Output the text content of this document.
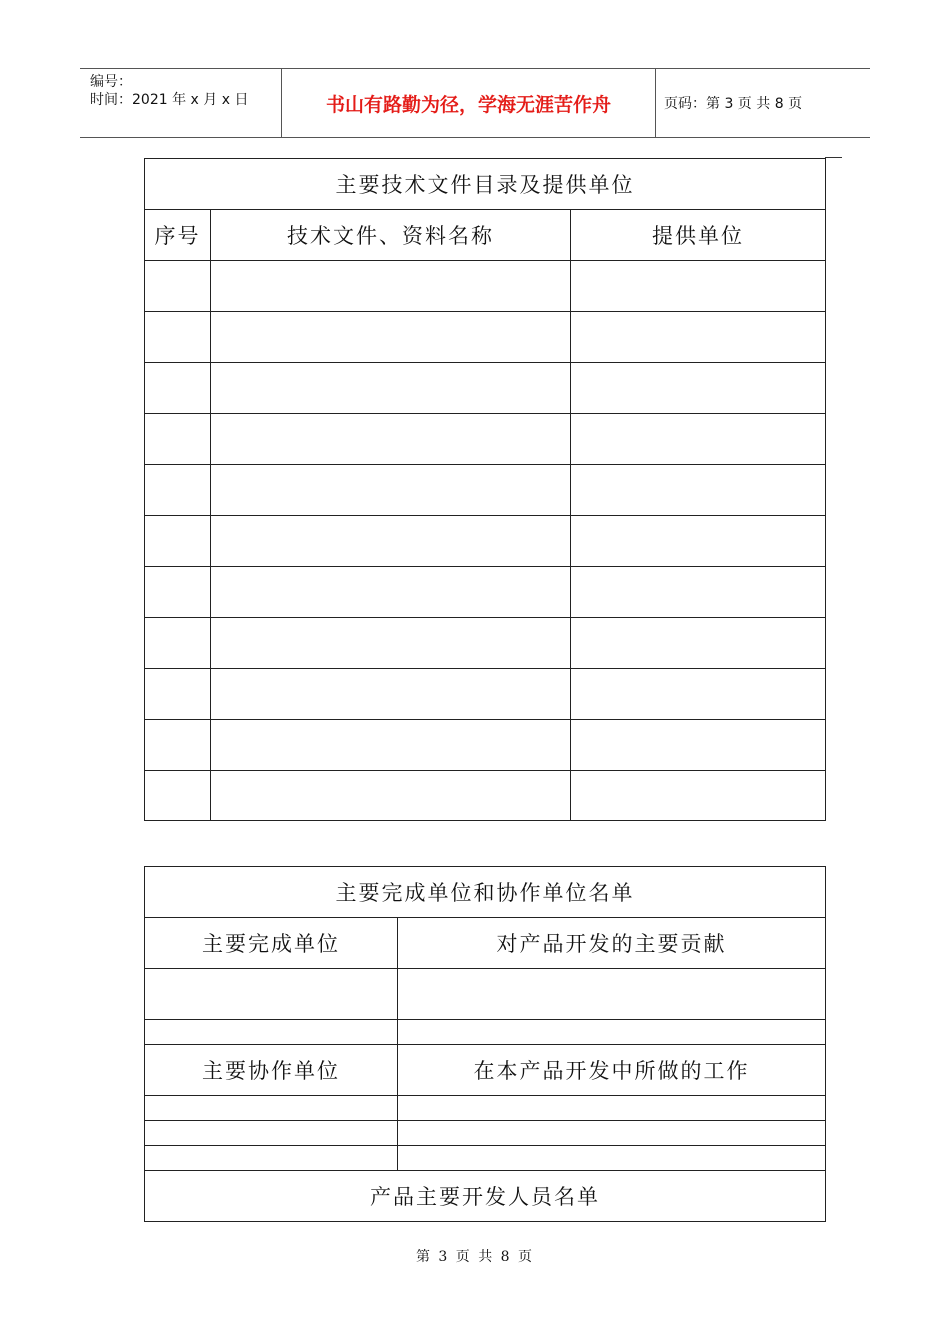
编号：
时间：2021 年 x 月 x 日	书山有路勤为径，学海无涯苦作舟	页码：第 3 页 共 8 页
主要技术文件目录及提供单位		
序号	技术文件、资料名称	提供单位

主要完成单位和协作单位名单	
主要完成单位	对产品开发的主要贡献

主要协作单位	在本产品开发中所做的工作

产品主要开发人员名单	
第 3 页 共 8 页
